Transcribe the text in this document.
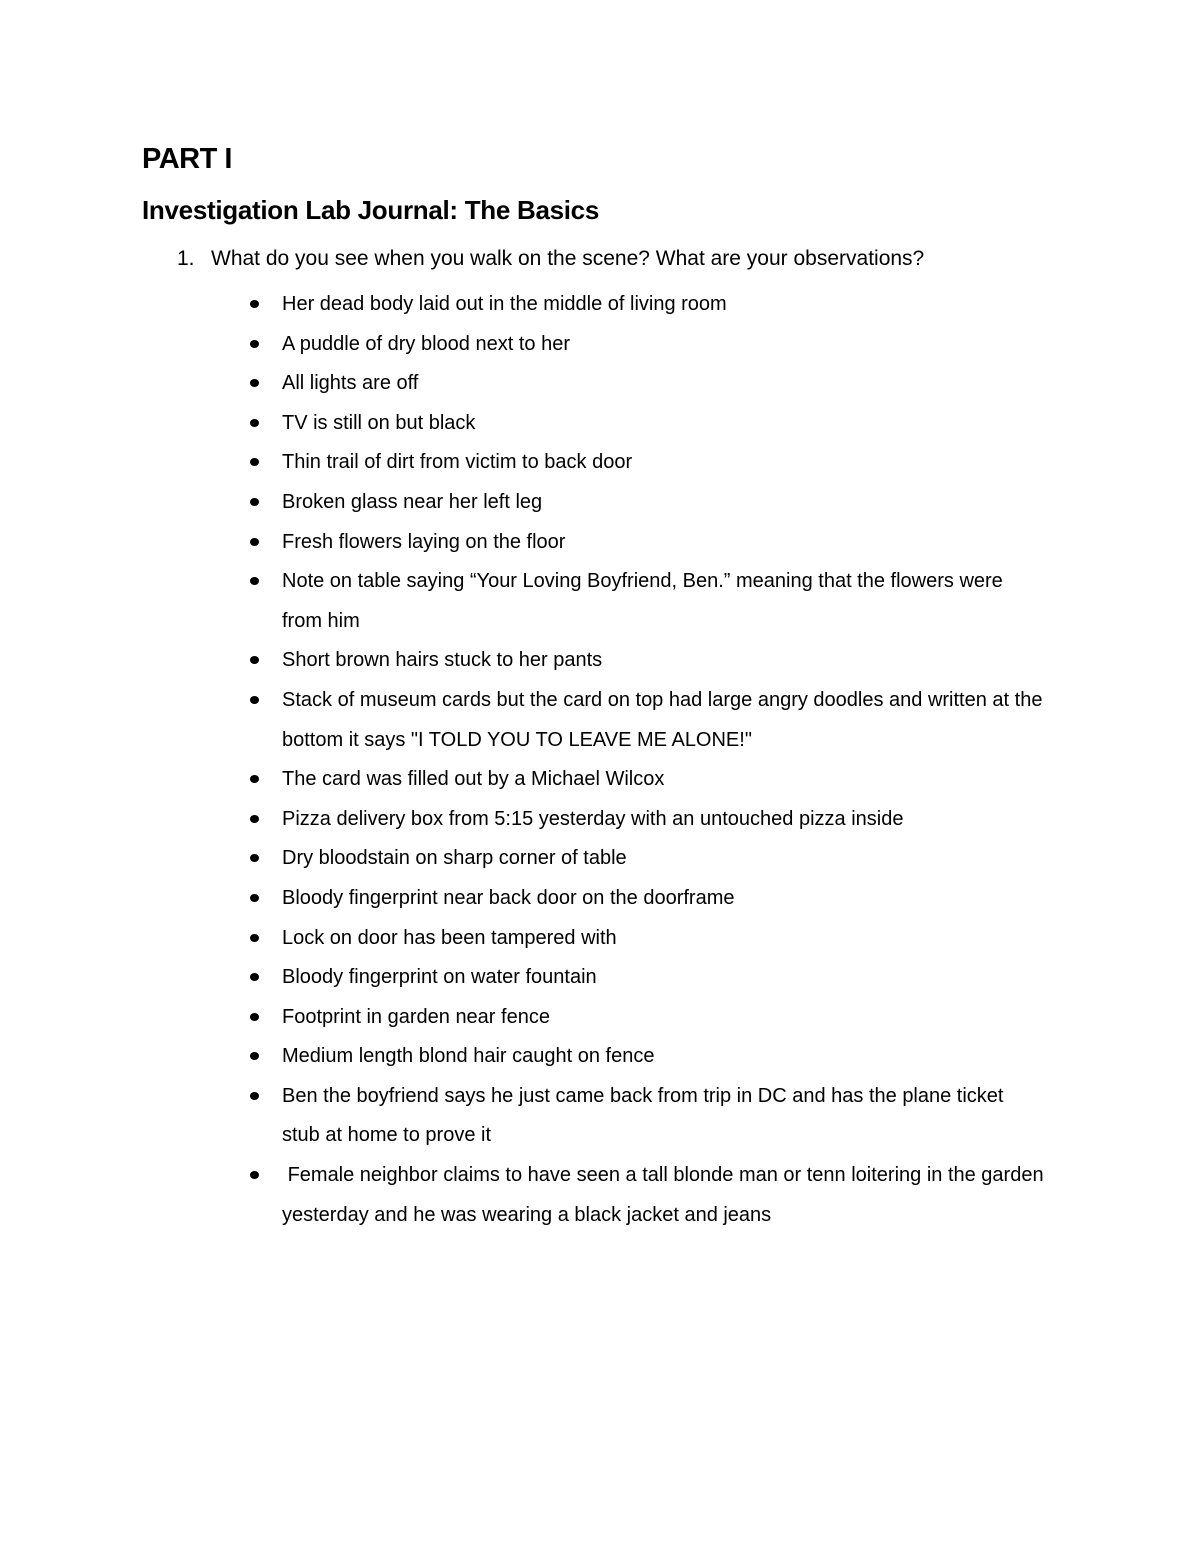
PART I
Investigation Lab Journal: The Basics
1. What do you see when you walk on the scene? What are your observations?
Her dead body laid out in the middle of living room
A puddle of dry blood next to her
All lights are off
TV is still on but black
Thin trail of dirt from victim to back door
Broken glass near her left leg
Fresh flowers laying on the floor
Note on table saying “Your Loving Boyfriend, Ben.” meaning that the flowers were from him
Short brown hairs stuck to her pants
Stack of museum cards but the card on top had large angry doodles and written at the bottom it says "I TOLD YOU TO LEAVE ME ALONE!"
The card was filled out by a Michael Wilcox
Pizza delivery box from 5:15 yesterday with an untouched pizza inside
Dry bloodstain on sharp corner of table
Bloody fingerprint near back door on the doorframe
Lock on door has been tampered with
Bloody fingerprint on water fountain
Footprint in garden near fence
Medium length blond hair caught on fence
Ben the boyfriend says he just came back from trip in DC and has the plane ticket stub at home to prove it
Female neighbor claims to have seen a tall blonde man or tenn loitering in the garden yesterday and he was wearing a black jacket and jeans
